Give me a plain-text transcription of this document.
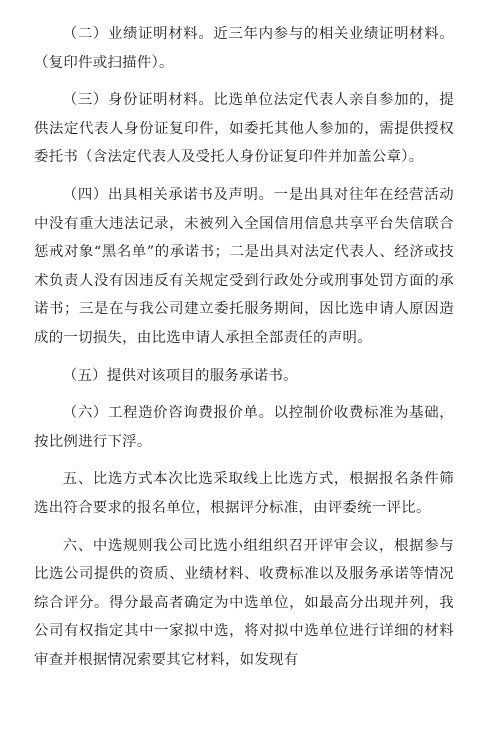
（二）业绩证明材料。近三年内参与的相关业绩证明材料。（复印件或扫描件）。

（三）身份证明材料。比选单位法定代表人亲自参加的，提供法定代表人身份证复印件，如委托其他人参加的，需提供授权委托书（含法定代表人及受托人身份证复印件并加盖公章）。

（四）出具相关承诺书及声明。一是出具对往年在经营活动中没有重大违法记录，未被列入全国信用信息共享平台失信联合惩戒对象“黑名单”的承诺书；二是出具对法定代表人、经济或技术负责人没有因违反有关规定受到行政处分或刑事处罚方面的承诺书；三是在与我公司建立委托服务期间，因比选申请人原因造成的一切损失，由比选申请人承担全部责任的声明。

（五）提供对该项目的服务承诺书。

（六）工程造价咨询费报价单。以控制价收费标准为基础，按比例进行下浮。

五、比选方式本次比选采取线上比选方式，根据报名条件筛选出符合要求的报名单位，根据评分标准，由评委统一评比。

六、中选规则我公司比选小组组织召开评审会议，根据参与比选公司提供的资质、业绩材料、收费标准以及服务承诺等情况综合评分。得分最高者确定为中选单位，如最高分出现并列，我公司有权指定其中一家拟中选，将对拟中选单位进行详细的材料审查并根据情况索要其它材料，如发现有
